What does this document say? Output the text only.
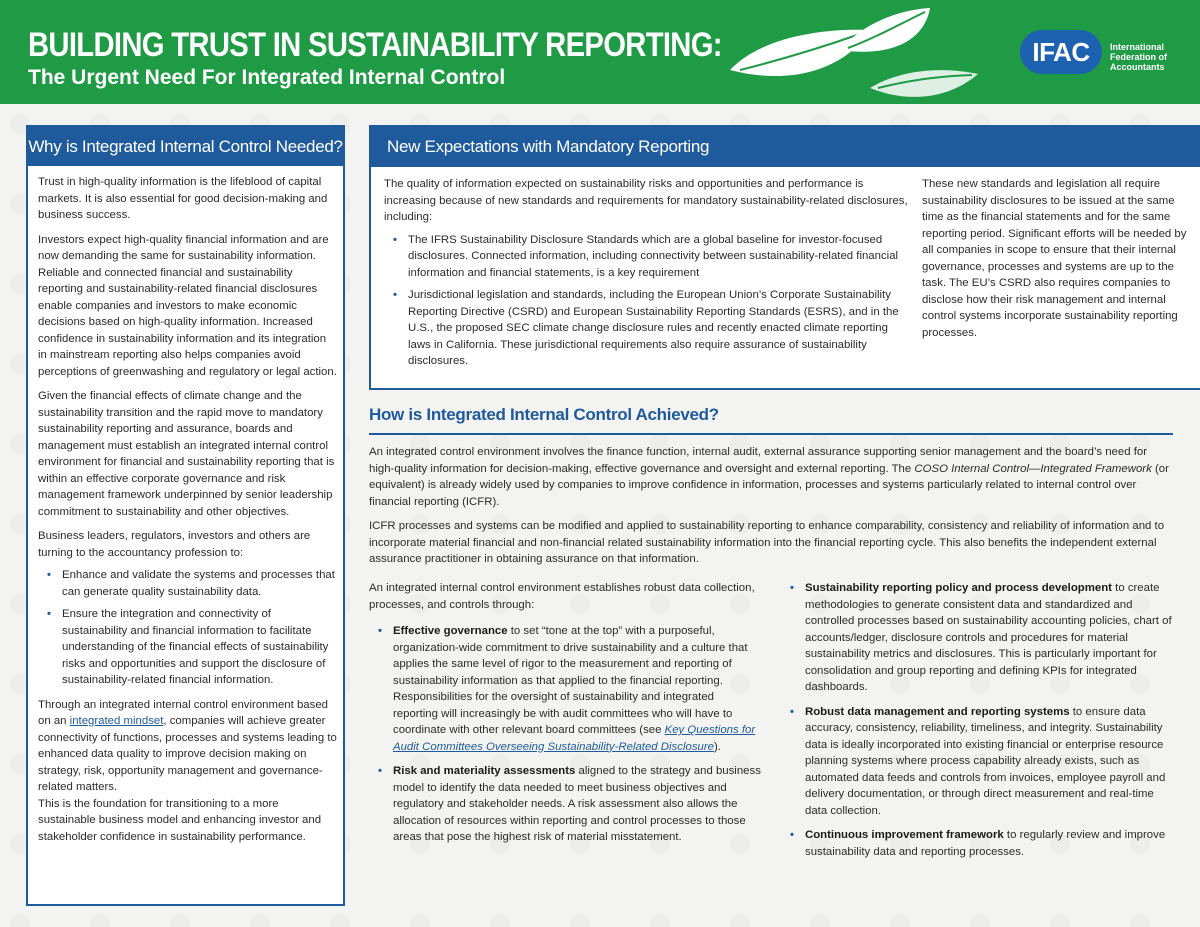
BUILDING TRUST IN SUSTAINABILITY REPORTING:
The Urgent Need For Integrated Internal Control
IFAC	International Federation of Accountants
Why is Integrated Internal Control Needed?

Trust in high-quality information is the lifeblood of capital markets. It is also essential for good decision-making and business success.

Investors expect high-quality financial information and are now demanding the same for sustainability information. Reliable and connected financial and sustainability reporting and sustainability-related financial disclosures enable companies and investors to make economic decisions based on high-quality information. Increased confidence in sustainability information and its integration in mainstream reporting also helps companies avoid perceptions of greenwashing and regulatory or legal action.

Given the financial effects of climate change and the sustainability transition and the rapid move to mandatory sustainability reporting and assurance, boards and management must establish an integrated internal control environment for financial and sustainability reporting that is within an effective corporate governance and risk management framework underpinned by senior leadership commitment to sustainability and other objectives.

Business leaders, regulators, investors and others are turning to the accountancy profession to:

• Enhance and validate the systems and processes that can generate quality sustainability data.
• Ensure the integration and connectivity of sustainability and financial information to facilitate understanding of the financial effects of sustainability risks and opportunities and support the disclosure of sustainability-related financial information.

Through an integrated internal control environment based on an integrated mindset, companies will achieve greater connectivity of functions, processes and systems leading to enhanced data quality to improve decision making on strategy, risk, opportunity management and governance-related matters.

This is the foundation for transitioning to a more sustainable business model and enhancing investor and stakeholder confidence in sustainability performance.

New Expectations with Mandatory Reporting

The quality of information expected on sustainability risks and opportunities and performance is increasing because of new standards and requirements for mandatory sustainability-related disclosures, including:

• The IFRS Sustainability Disclosure Standards which are a global baseline for investor-focused disclosures. Connected information, including connectivity between sustainability-related financial information and financial statements, is a key requirement
• Jurisdictional legislation and standards, including the European Union’s Corporate Sustainability Reporting Directive (CSRD) and European Sustainability Reporting Standards (ESRS), and in the U.S., the proposed SEC climate change disclosure rules and recently enacted climate reporting laws in California. These jurisdictional requirements also require assurance of sustainability disclosures.
These new standards and legislation all require sustainability disclosures to be issued at the same time as the financial statements and for the same reporting period. Significant efforts will be needed by all companies in scope to ensure that their internal governance, processes and systems are up to the task. The EU’s CSRD also requires companies to disclose how their risk management and internal control systems incorporate sustainability reporting processes.
How is Integrated Internal Control Achieved?

An integrated control environment involves the finance function, internal audit, external assurance supporting senior management and the board’s need for high-quality information for decision-making, effective governance and oversight and external reporting. The COSO Internal Control—Integrated Framework (or equivalent) is already widely used by companies to improve confidence in information, processes and systems particularly related to internal control over financial reporting (ICFR).

ICFR processes and systems can be modified and applied to sustainability reporting to enhance comparability, consistency and reliability of information and to incorporate material financial and non-financial related sustainability information into the financial reporting cycle. This also benefits the independent external assurance practitioner in obtaining assurance on that information.

An integrated internal control environment establishes robust data collection, processes, and controls through:

• Effective governance to set “tone at the top” with a purposeful, organization-wide commitment to drive sustainability and a culture that applies the same level of rigor to the measurement and reporting of sustainability information as that applied to the financial reporting. Responsibilities for the oversight of sustainability and integrated reporting will increasingly be with audit committees who will have to coordinate with other relevant board committees (see Key Questions for Audit Committees Overseeing Sustainability-Related Disclosure).
• Risk and materiality assessments aligned to the strategy and business model to identify the data needed to meet business objectives and regulatory and stakeholder needs. A risk assessment also allows the allocation of resources within reporting and control processes to those areas that pose the highest risk of material misstatement.
• Sustainability reporting policy and process development to create methodologies to generate consistent data and standardized and controlled processes based on sustainability accounting policies, chart of accounts/ledger, disclosure controls and procedures for material sustainability metrics and disclosures. This is particularly important for consolidation and group reporting and defining KPIs for integrated dashboards.
• Robust data management and reporting systems to ensure data accuracy, consistency, reliability, timeliness, and integrity. Sustainability data is ideally incorporated into existing financial or enterprise resource planning systems where process capability already exists, such as automated data feeds and controls from invoices, employee payroll and delivery documentation, or through direct measurement and real-time data collection.
• Continuous improvement framework to regularly review and improve sustainability data and reporting processes.
